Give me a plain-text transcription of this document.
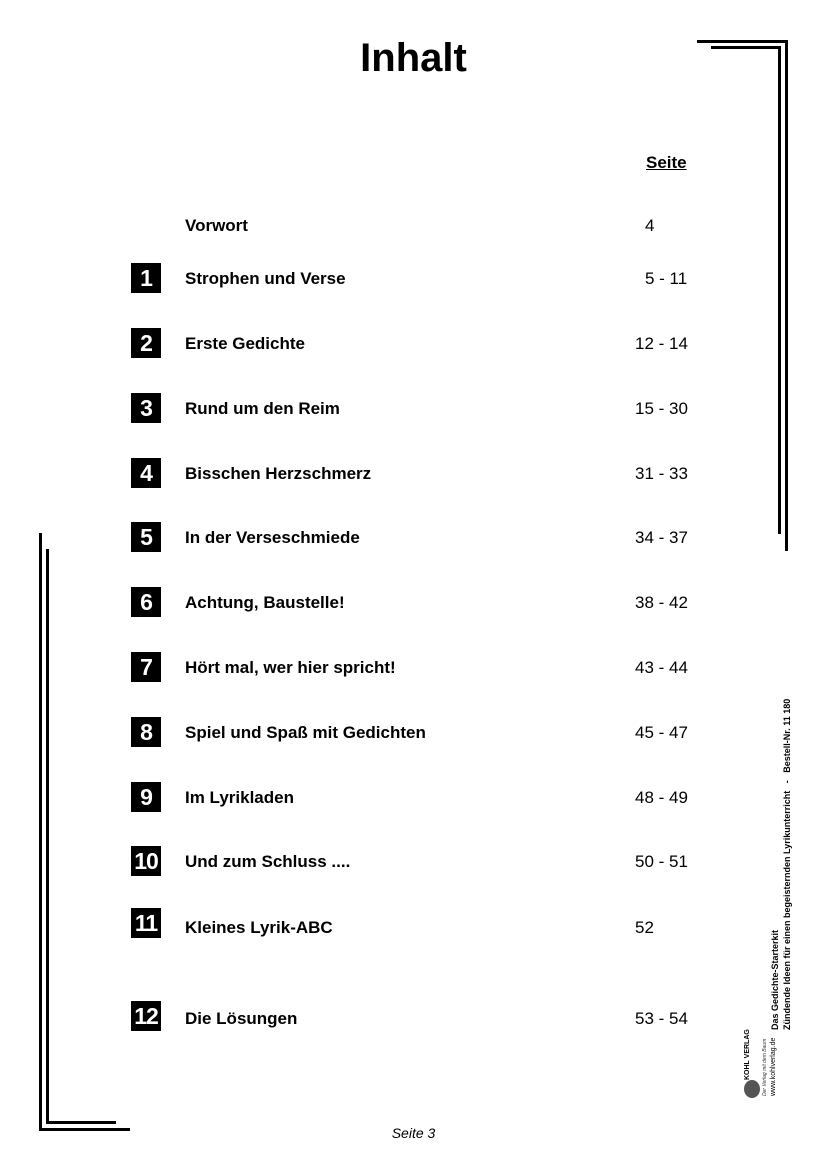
Inhalt
Seite
Vorwort	4
1	Strophen und Verse	5 - 11
2	Erste Gedichte	12 - 14
3	Rund um den Reim	15 - 30
4	Bisschen Herzschmerz	31 - 33
5	In der Verseschmiede	34 - 37
6	Achtung, Baustelle!	38 - 42
7	Hört mal, wer hier spricht!	43 - 44
8	Spiel und Spaß mit Gedichten	45 - 47
9	Im Lyrikladen	48 - 49
10 Und zum Schluss ....	50 - 51
11 Kleines Lyrik-ABC	52
12 Die Lösungen	53 - 54
Seite 3
KOHL VERLAG Der Verlag mit dem Baum www.kohlverlag.de
Das Gedichte-Starterkit Zündende Ideen für einen begeisternden Lyrikunterricht   -   Bestell-Nr. 11 180
